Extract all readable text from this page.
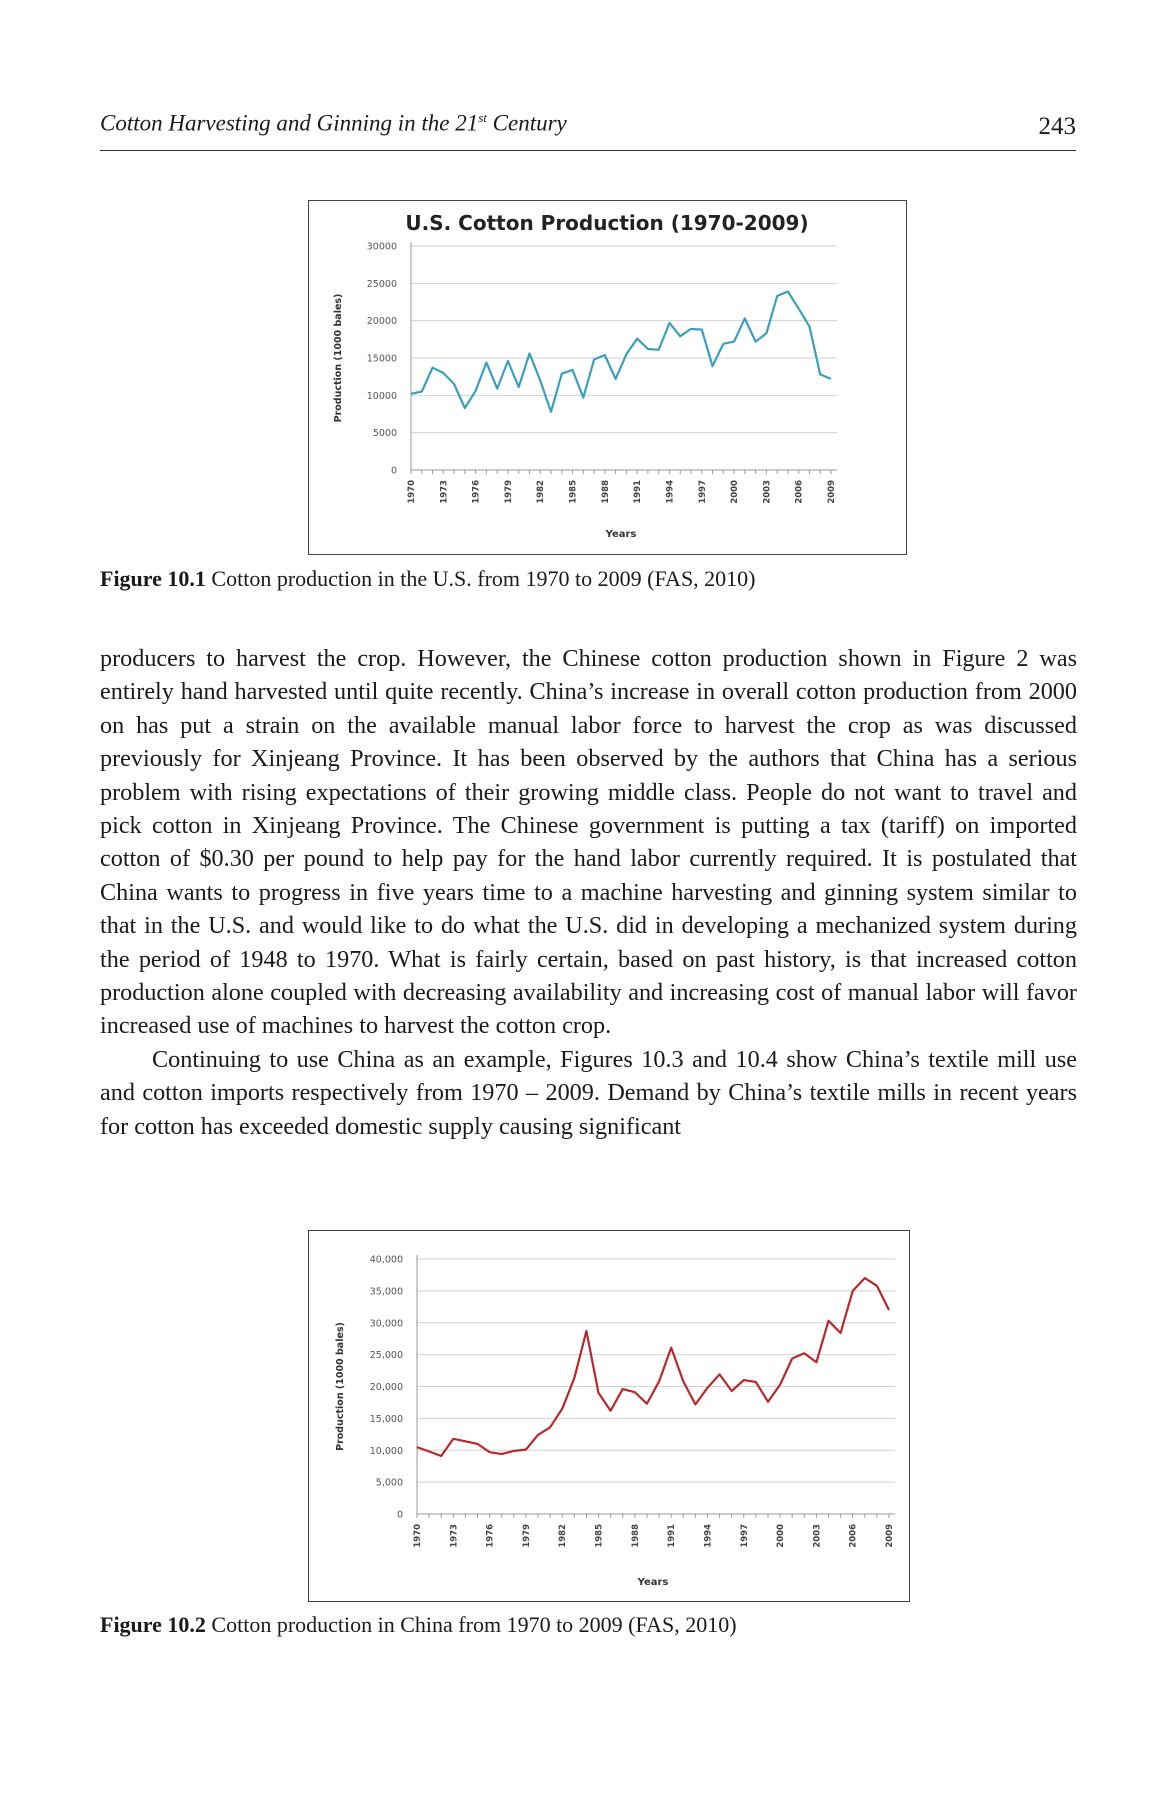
Cotton Harvesting and Ginning in the 21st Century	243
U.S. Cotton Production (1970-2009)
0
5000
10000
15000
20000
25000
30000
1970	1973	1976	1979	1982	1985	1988	1991	1994	1997	2000	2003	2006	2009
Years
Production (1000 bales)
Figure 10.1 Cotton production in the U.S. from 1970 to 2009 (FAS, 2010)

producers to harvest the crop. However, the Chinese cotton production shown in Figure 2 was entirely hand harvested until quite recently. China’s increase in overall cotton production from 2000 on has put a strain on the available manual labor force to harvest the crop as was discussed previously for Xinjeang Province. It has been observed by the authors that China has a serious problem with rising expectations of their growing middle class. People do not want to travel and pick cotton in Xinjeang Province. The Chinese government is putting a tax (tariff) on imported cotton of $0.30 per pound to help pay for the hand labor currently required. It is postulated that China wants to progress in five years time to a machine harvesting and ginning system similar to that in the U.S. and would like to do what the U.S. did in developing a mechanized system during the period of 1948 to 1970. What is fairly certain, based on past history, is that increased cotton production alone coupled with decreasing availability and increasing cost of manual labor will favor increased use of machines to harvest the cotton crop.

Continuing to use China as an example, Figures 10.3 and 10.4 show China’s textile mill use and cotton imports respectively from 1970 – 2009. Demand by China’s textile mills in recent years for cotton has exceeded domestic supply causing significant

0
5,000
10,000
15,000
20,000
25,000
30,000
35,000
40,000
1970	1973	1976	1979	1982	1985	1988	1991	1994	1997	2000	2003	2006	2009
Years
Production (1000 bales)
Figure 10.2 Cotton production in China from 1970 to 2009 (FAS, 2010)
